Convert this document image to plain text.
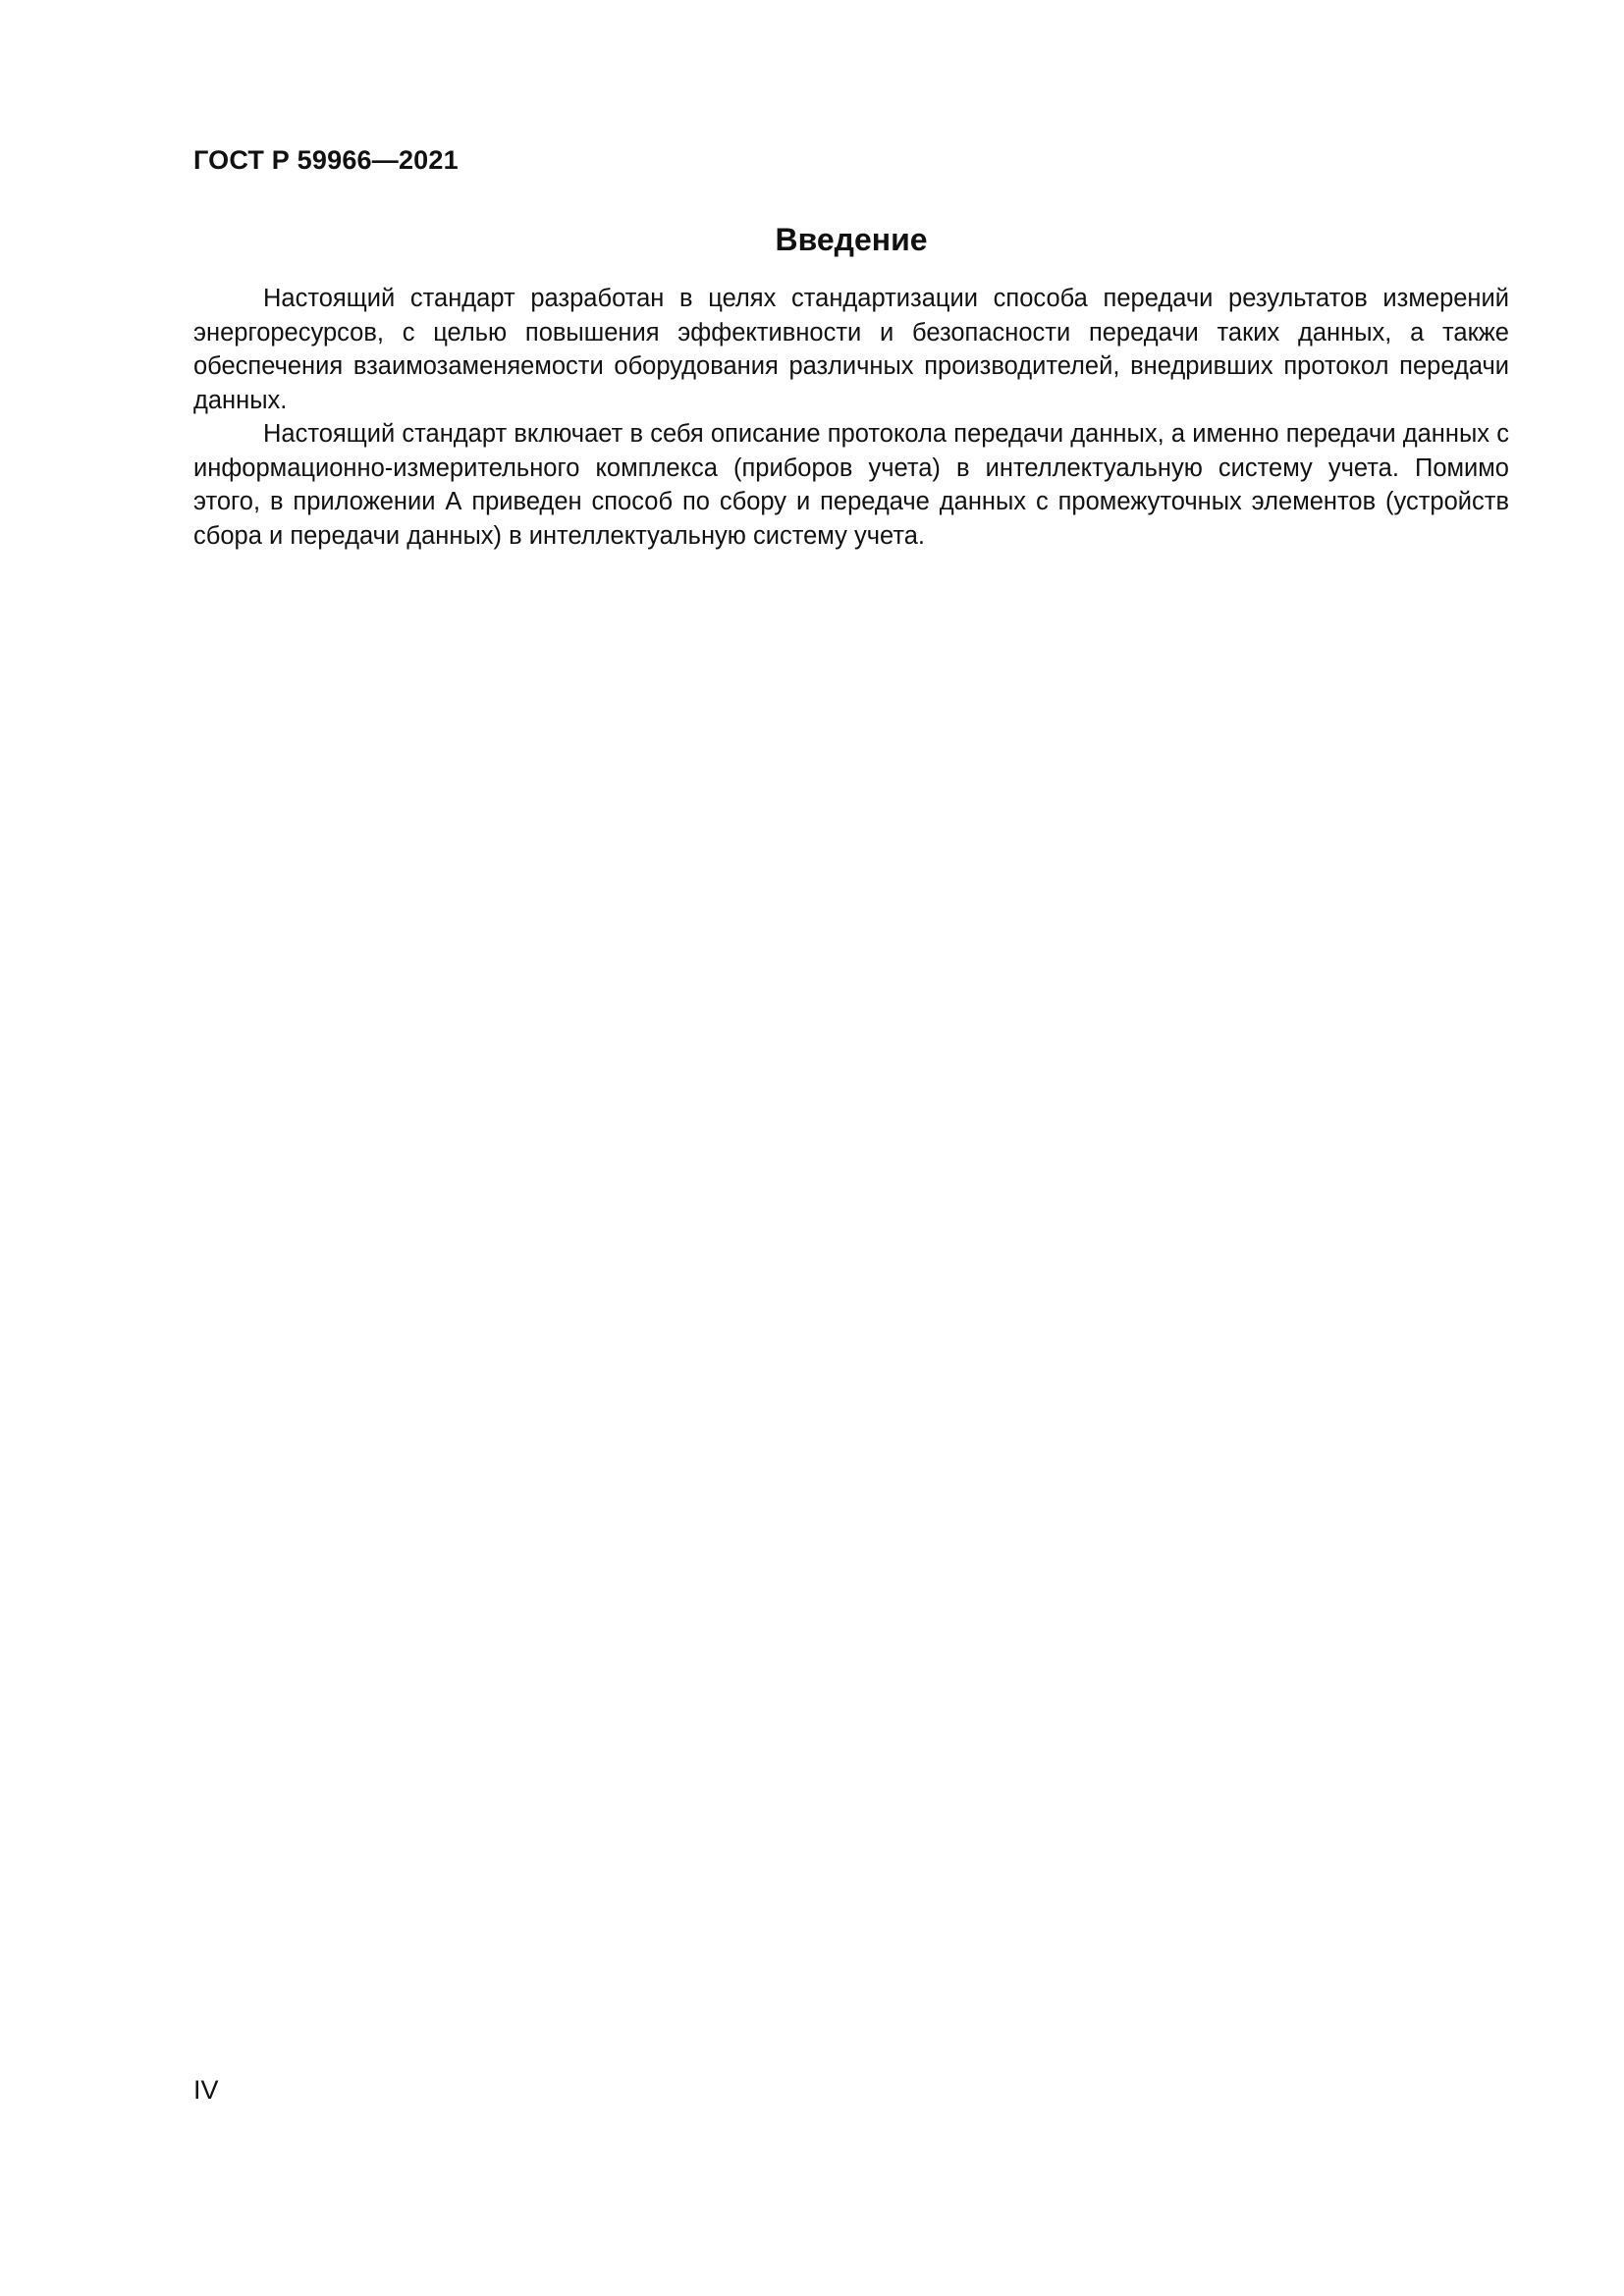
ГОСТ Р 59966—2021
Введение

Настоящий стандарт разработан в целях стандартизации способа передачи результатов измерений энергоресурсов, с целью повышения эффективности и безопасности передачи таких данных, а также обеспечения взаимозаменяемости оборудования различных производителей, внедривших протокол передачи данных.

Настоящий стандарт включает в себя описание протокола передачи данных, а именно передачи данных с информационно-измерительного комплекса (приборов учета) в интеллектуальную систему учета. Помимо этого, в приложении А приведен способ по сбору и передаче данных с промежуточных элементов (устройств сбора и передачи данных) в интеллектуальную систему учета.

IV
